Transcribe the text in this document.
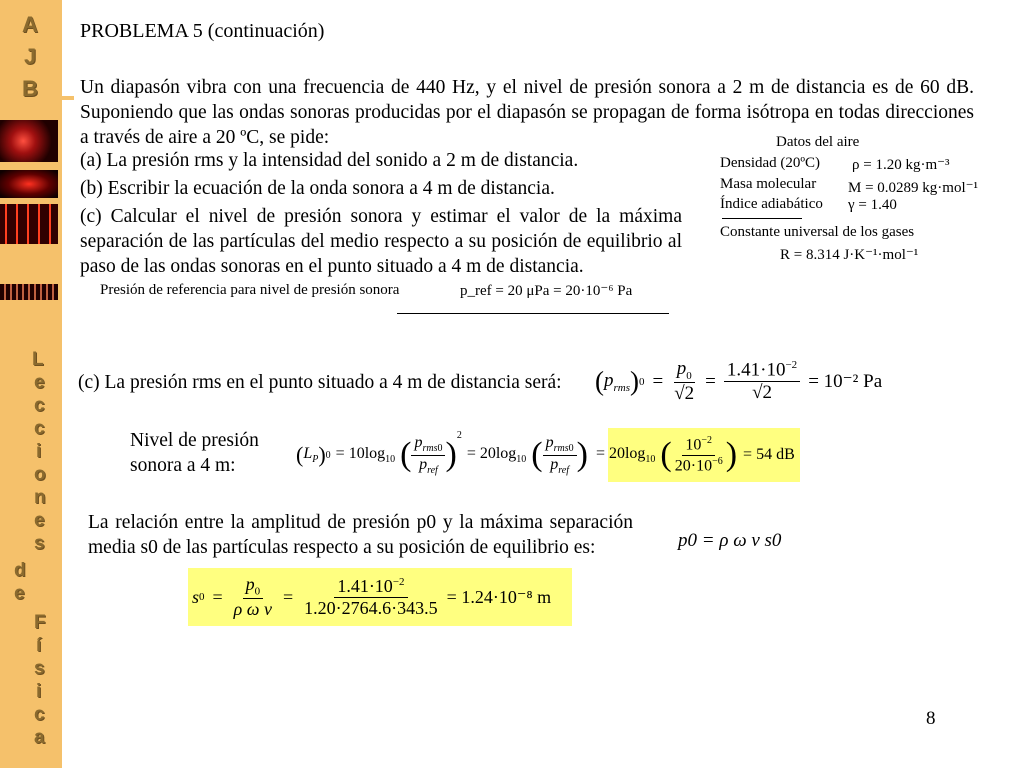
A
J
B
L
e
c
c
i
o
n
e
s
d
e
F
í
s
i
c
a
PROBLEMA 5 (continuación)
Un diapasón vibra con una frecuencia de 440 Hz, y el nivel de presión sonora a 2 m de distancia es de 60 dB. Suponiendo que las ondas sonoras producidas por el diapasón se propagan de forma isótropa en todas direcciones a través de aire a 20 ºC, se pide:
(a) La presión rms y la intensidad del sonido a 2 m de distancia.
(b) Escribir la ecuación de la onda sonora a 4 m de distancia.
(c) Calcular el nivel de presión sonora y estimar el valor de la máxima separación de las partículas del medio respecto a su posición de equilibrio al paso de las ondas sonoras en el punto situado a 4 m de distancia.
Datos del aire
Densidad (20ºC) ρ = 1.20 kg·m⁻³
Masa molecular M = 0.0289 kg·mol⁻¹
Índice adiabático γ = 1.40
Constante universal de los gases
R = 8.314 J·K⁻¹·mol⁻¹
Presión de referencia para nivel de presión sonora	p_ref = 20 μPa = 20·10⁻⁶ Pa
(c) La presión rms en el punto situado a 4 m de distancia será: ( $p_{rms}$ ) $0 = \frac{p_0}{√2} = \frac{1.41\cdot 10^{-2}}{√2} = 10^{-2}$ Pa
Nivel de presión sonora a 4 m:	( $L_P$ ) $0 = 10\log_{10}$ ( $\frac{p_{rms0}}{p_{ref}}$ )
$^2$
= $20\log_{10}$ ( $\frac{p_{rms0}}{p_{ref}}$ ) = $20\log_{10}$ ( $\frac{10^{-2}}{20\cdot 10^{-6}}$ ) = 54 dB
La relación entre la amplitud de presión p0 y la máxima separación media s0 de las partículas respecto a su posición de equilibrio es:	p0 = ρ ω v s0
s $0 = \frac{p_0}{\text{ρ ω v}} = \frac{1.41\cdot 10^{-2}}{1.20\cdot 2764.6\cdot 343.5} = 1.24\cdot 10^{-8}$ m
8
